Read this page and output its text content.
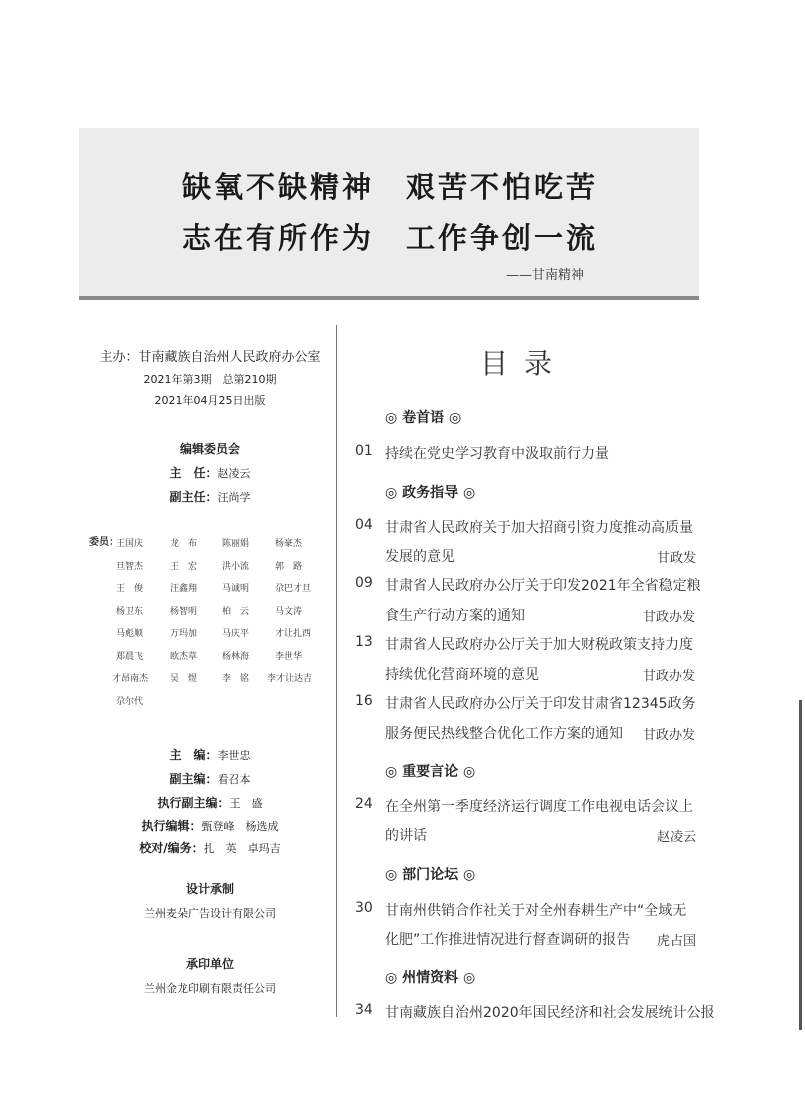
缺氧不缺精神　艰苦不怕吃苦
志在有所作为　工作争创一流
——甘南精神
主办：甘南藏族自治州人民政府办公室
2021年第3期　总第210期
2021年04月25日出版
编辑委员会
主　任：赵凌云
副主任：汪尚学
委员：
王国庆	龙　布	陈丽娟	杨豪杰
旦智杰	王　宏	洪小流	郭　路
王　俊	汪鑫翔	马诚明	尕巴才旦
杨卫东	杨智明	柏　云	马文涛
马彪顺	万玛加	马庆平	才让扎西
郑晨飞	欧杰草	杨林海	李世华
才昂南杰 吴　煜	李　铭 李才让达吉
尕尔代
主　编：李世忠
副主编：看召本
执行副主编：王　盛
执行编辑：甄登峰　杨选成
校对/编务：扎　英　卓玛吉
设计承制
兰州麦朵广告设计有限公司
承印单位
兰州金龙印刷有限责任公司
目录
◎ 卷首语 ◎
01 持续在党史学习教育中汲取前行力量
◎ 政务指导 ◎
04 甘肃省人民政府关于加大招商引资力度推动高质量
发展的意见	甘政发
09 甘肃省人民政府办公厅关于印发2021年全省稳定粮
食生产行动方案的通知	甘政办发
13 甘肃省人民政府办公厅关于加大财税政策支持力度
持续优化营商环境的意见	甘政办发
16 甘肃省人民政府办公厅关于印发甘肃省12345政务
服务便民热线整合优化工作方案的通知 甘政办发
◎ 重要言论 ◎
24 在全州第一季度经济运行调度工作电视电话会议上
的讲话	赵凌云
◎ 部门论坛 ◎
30 甘南州供销合作社关于对全州春耕生产中“全域无
化肥”工作推进情况进行督查调研的报告 虎占国
◎ 州情资料 ◎
34 甘南藏族自治州2020年国民经济和社会发展统计公报
